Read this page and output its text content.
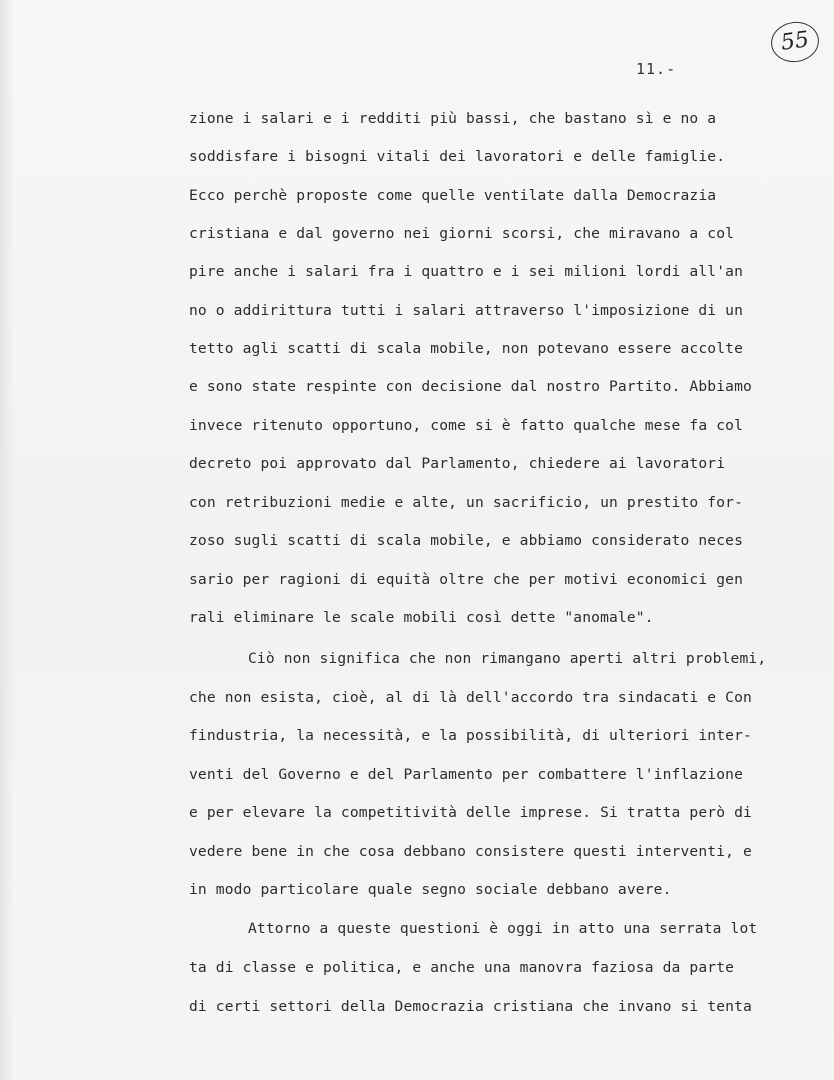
55
11.-
zione i salari e i redditi più bassi, che bastano sì e no a
soddisfare i bisogni vitali dei lavoratori e delle famiglie.
Ecco perchè proposte come quelle ventilate dalla Democrazia
cristiana e dal governo nei giorni scorsi, che miravano a col
pire anche i salari fra i quattro e i sei milioni lordi all'an
no o addirittura tutti i salari attraverso l'imposizione di un
tetto agli scatti di scala mobile, non potevano essere accolte
e sono state respinte con decisione dal nostro Partito. Abbiamo
invece ritenuto opportuno, come si è fatto qualche mese fa col
decreto poi approvato dal Parlamento, chiedere ai lavoratori
con retribuzioni medie e alte, un sacrificio, un prestito for-
zoso sugli scatti di scala mobile, e abbiamo considerato neces
sario per ragioni di equità oltre che per motivi economici gen
rali eliminare le scale mobili così dette "anomale".
Ciò non significa che non rimangano aperti altri problemi,
che non esista, cioè, al di là dell'accordo tra sindacati e Con
findustria, la necessità, e la possibilità, di ulteriori inter-
venti del Governo e del Parlamento per combattere l'inflazione
e per elevare la competitività delle imprese. Si tratta però di
vedere bene in che cosa debbano consistere questi interventi, e
in modo particolare quale segno sociale debbano avere.
Attorno a queste questioni è oggi in atto una serrata lot
ta di classe e politica, e anche una manovra faziosa da parte
di certi settori della Democrazia cristiana che invano si tenta
